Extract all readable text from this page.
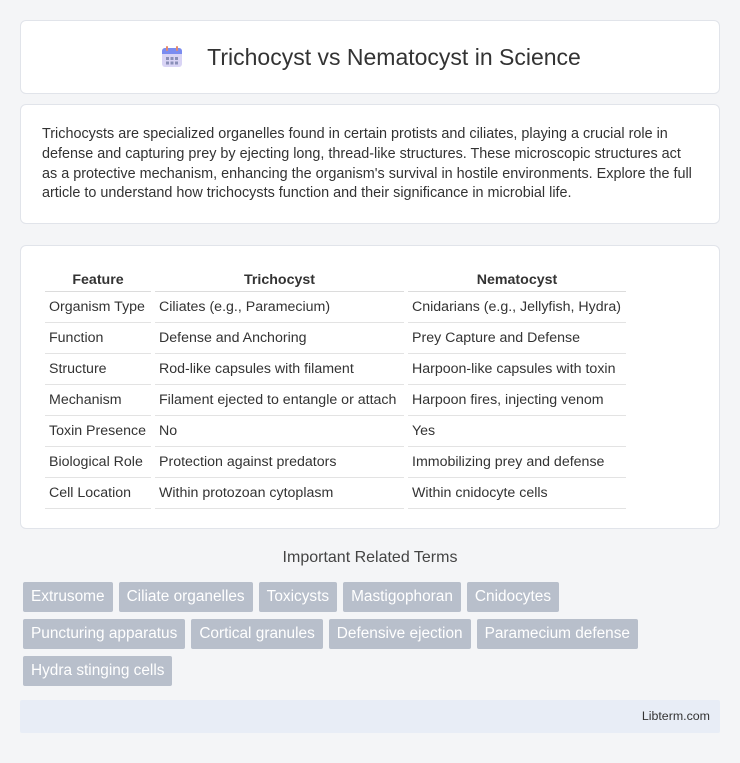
Trichocyst vs Nematocyst in Science

Trichocysts are specialized organelles found in certain protists and ciliates, playing a crucial role in defense and capturing prey by ejecting long, thread-like structures. These microscopic structures act as a protective mechanism, enhancing the organism's survival in hostile environments. Explore the full article to understand how trichocysts function and their significance in microbial life.

Feature	Trichocyst	Nematocyst
Organism Type	Ciliates (e.g., Paramecium)	Cnidarians (e.g., Jellyfish, Hydra)
Function	Defense and Anchoring	Prey Capture and Defense
Structure	Rod-like capsules with filament	Harpoon-like capsules with toxin
Mechanism	Filament ejected to entangle or attach	Harpoon fires, injecting venom
Toxin Presence	No	Yes
Biological Role	Protection against predators	Immobilizing prey and defense
Cell Location	Within protozoan cytoplasm	Within cnidocyte cells
Important Related Terms
Extrusome	Ciliate organelles	Toxicysts	Mastigophoran	Cnidocytes
Puncturing apparatus	Cortical granules	Defensive ejection	Paramecium defense
Hydra stinging cells
Libterm.com
